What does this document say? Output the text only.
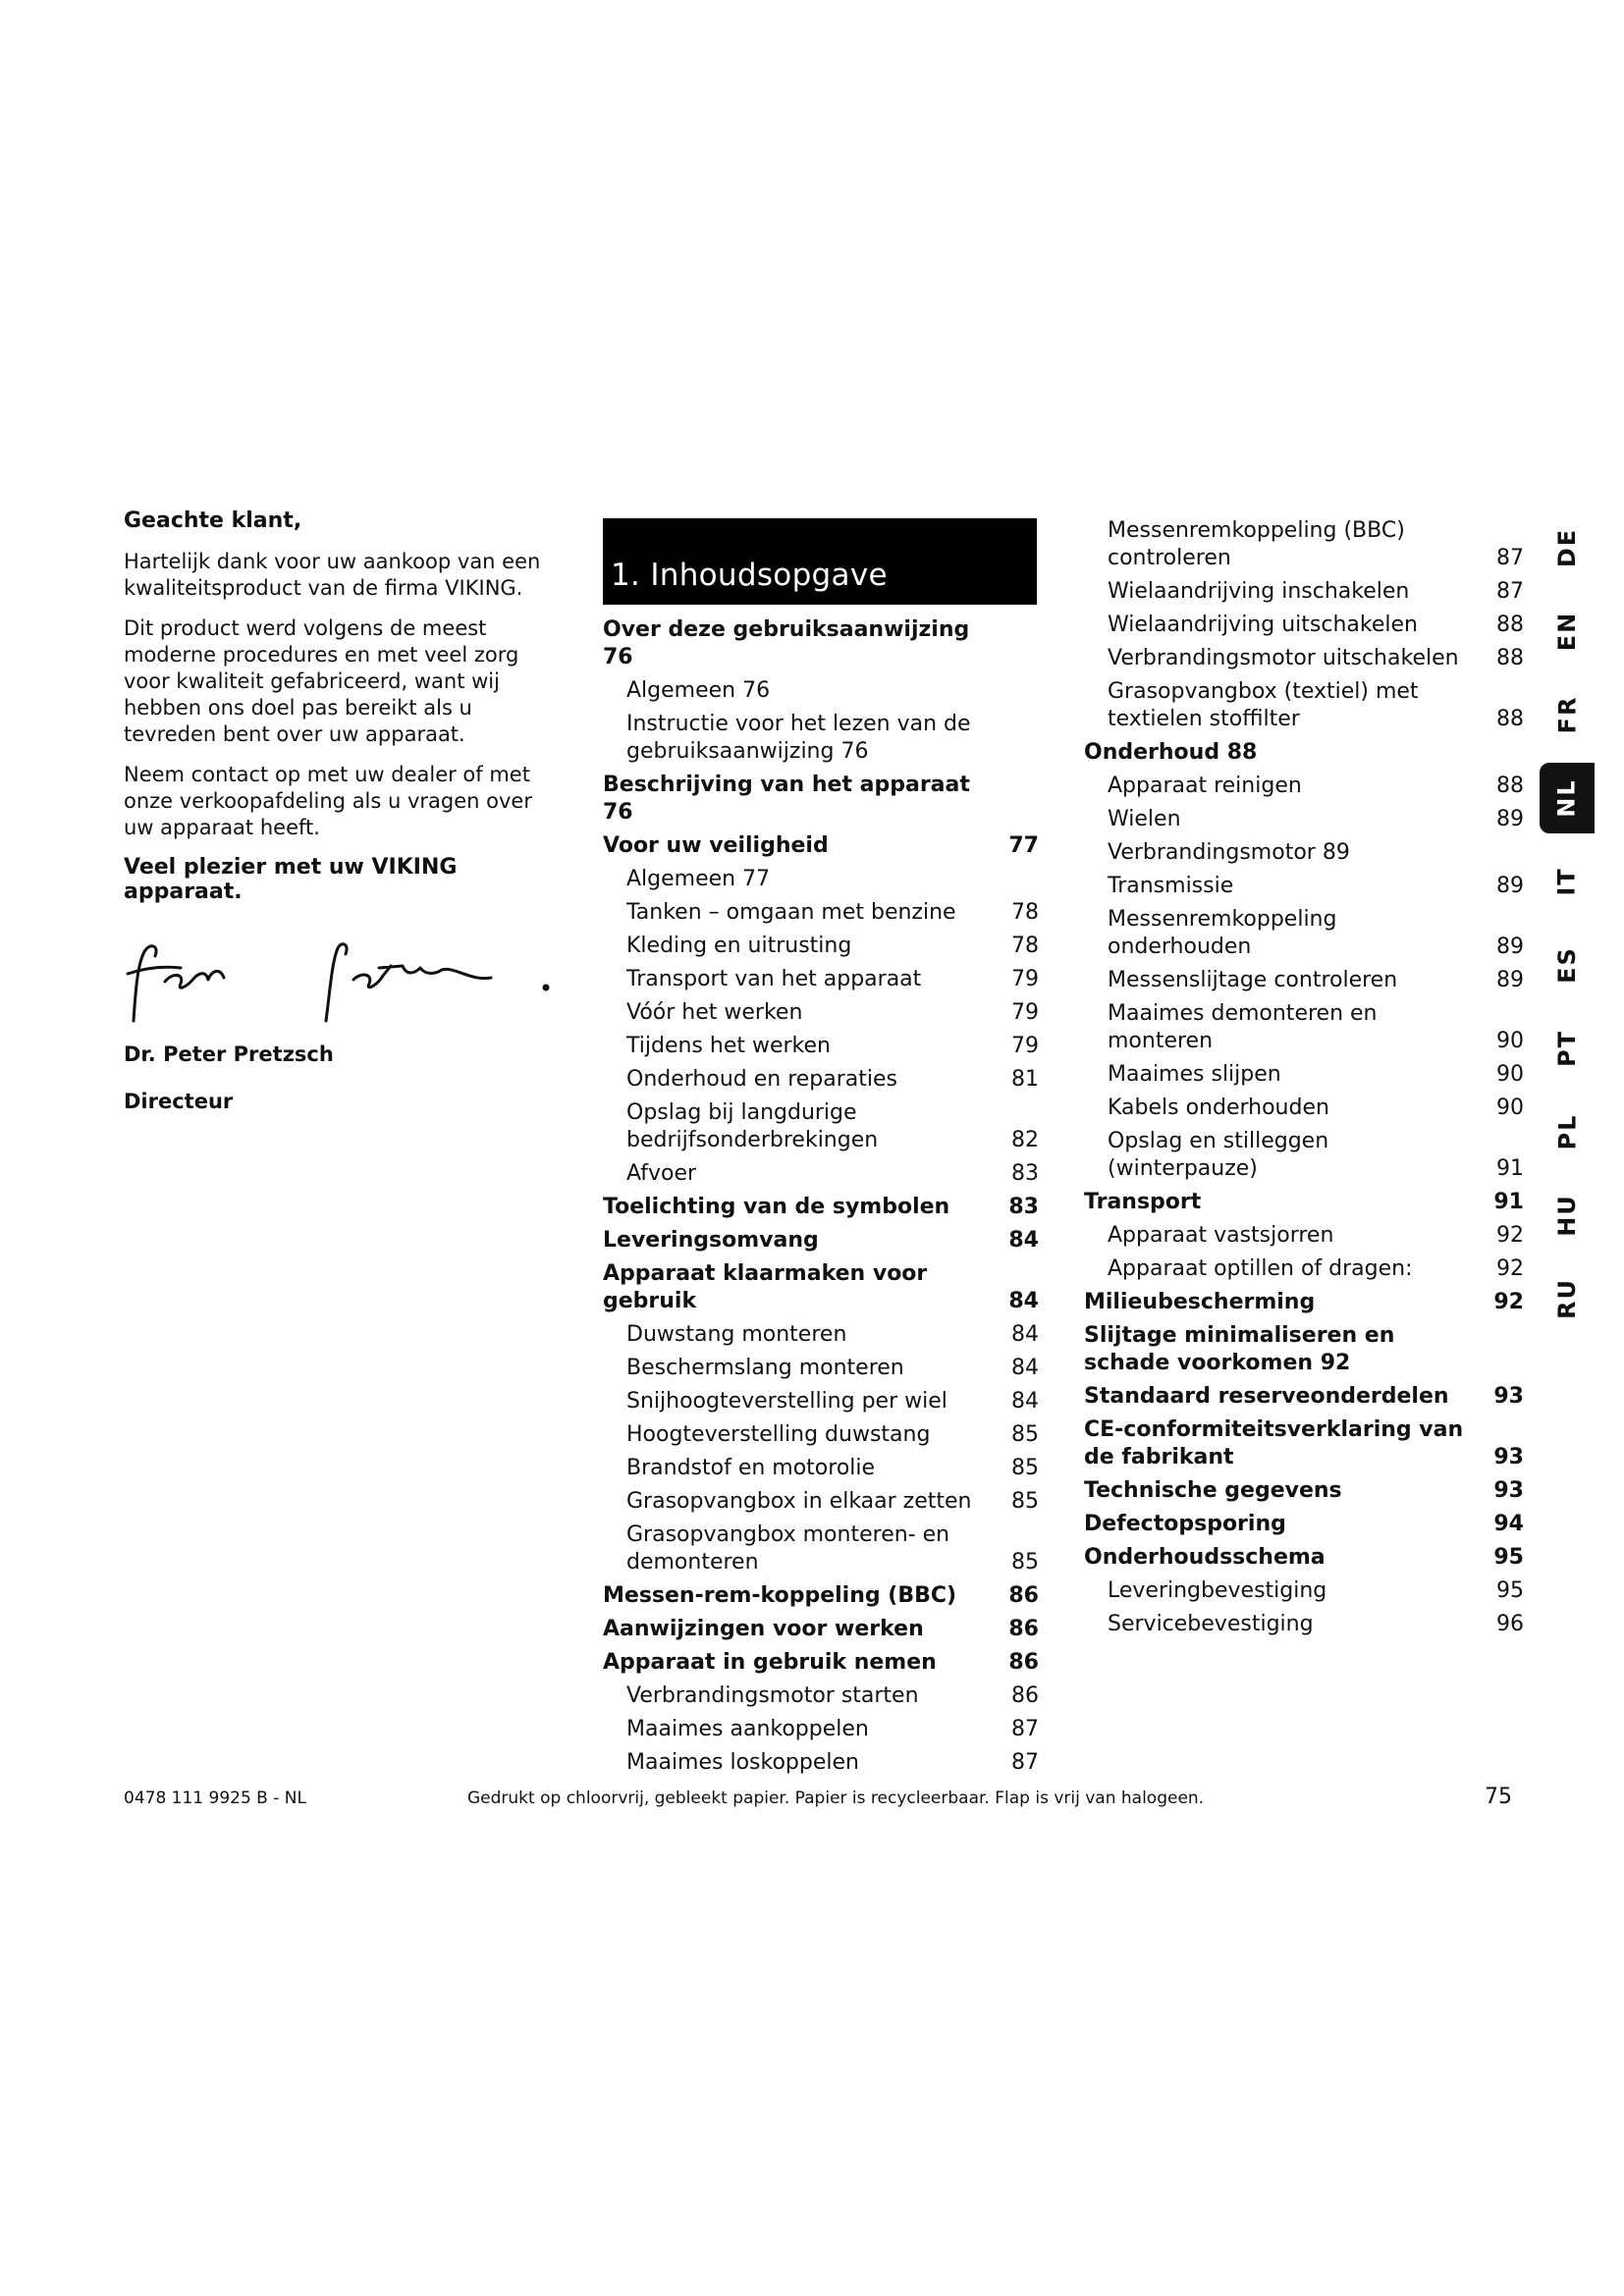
Geachte klant,

Hartelijk dank voor uw aankoop van een kwaliteitsproduct van de firma VIKING.

Dit product werd volgens de meest moderne procedures en met veel zorg voor kwaliteit gefabriceerd, want wij hebben ons doel pas bereikt als u tevreden bent over uw apparaat.

Neem contact op met uw dealer of met onze verkoopafdeling als u vragen over uw apparaat heeft.

Veel plezier met uw VIKING apparaat.
Dr. Peter Pretzsch
Directeur
1. Inhoudsopgave
Over deze gebruiksaanwijzing 76
Algemeen 76
Instructie voor het lezen van de gebruiksaanwijzing 76
Beschrijving van het apparaat 76
Voor uw veiligheid	77
Algemeen 77
Tanken – omgaan met benzine	78
Kleding en uitrusting	78
Transport van het apparaat	79
Vóór het werken	79
Tijdens het werken	79
Onderhoud en reparaties	81
Opslag bij langdurige bedrijfsonderbrekingen	82
Afvoer	83
Toelichting van de symbolen	83
Leveringsomvang	84
Apparaat klaarmaken voor gebruik	84
Duwstang monteren	84
Beschermslang monteren	84
Snijhoogteverstelling per wiel	84
Hoogteverstelling duwstang	85
Brandstof en motorolie	85
Grasopvangbox in elkaar zetten	85
Grasopvangbox monteren- en demonteren	85
Messen-rem-koppeling (BBC)	86
Aanwijzingen voor werken	86
Apparaat in gebruik nemen	86
Verbrandingsmotor starten	86
Maaimes aankoppelen	87
Maaimes loskoppelen	87
Messenremkoppeling (BBC) controleren	87
Wielaandrijving inschakelen	87
Wielaandrijving uitschakelen	88
Verbrandingsmotor uitschakelen	88
Grasopvangbox (textiel) met textielen stoffilter	88
Onderhoud 88
Apparaat reinigen	88
Wielen	89
Verbrandingsmotor 89
Transmissie	89
Messenremkoppeling onderhouden	89
Messenslijtage controleren	89
Maaimes demonteren en monteren	90
Maaimes slijpen	90
Kabels onderhouden	90
Opslag en stilleggen (winterpauze)	91
Transport	91
Apparaat vastsjorren	92
Apparaat optillen of dragen:	92
Milieubescherming	92
Slijtage minimaliseren en schade voorkomen 92
Standaard reserveonderdelen	93
CE-conformiteitsverklaring van de fabrikant	93
Technische gegevens	93
Defectopsporing	94
Onderhoudsschema	95
Leveringbevestiging	95
Servicebevestiging	96
DE
EN
FR
NL
IT
ES
PT
PL
HU
RU
0478 111 9925 B - NL	Gedrukt op chloorvrij, gebleekt papier. Papier is recycleerbaar. Flap is vrij van halogeen.	75
